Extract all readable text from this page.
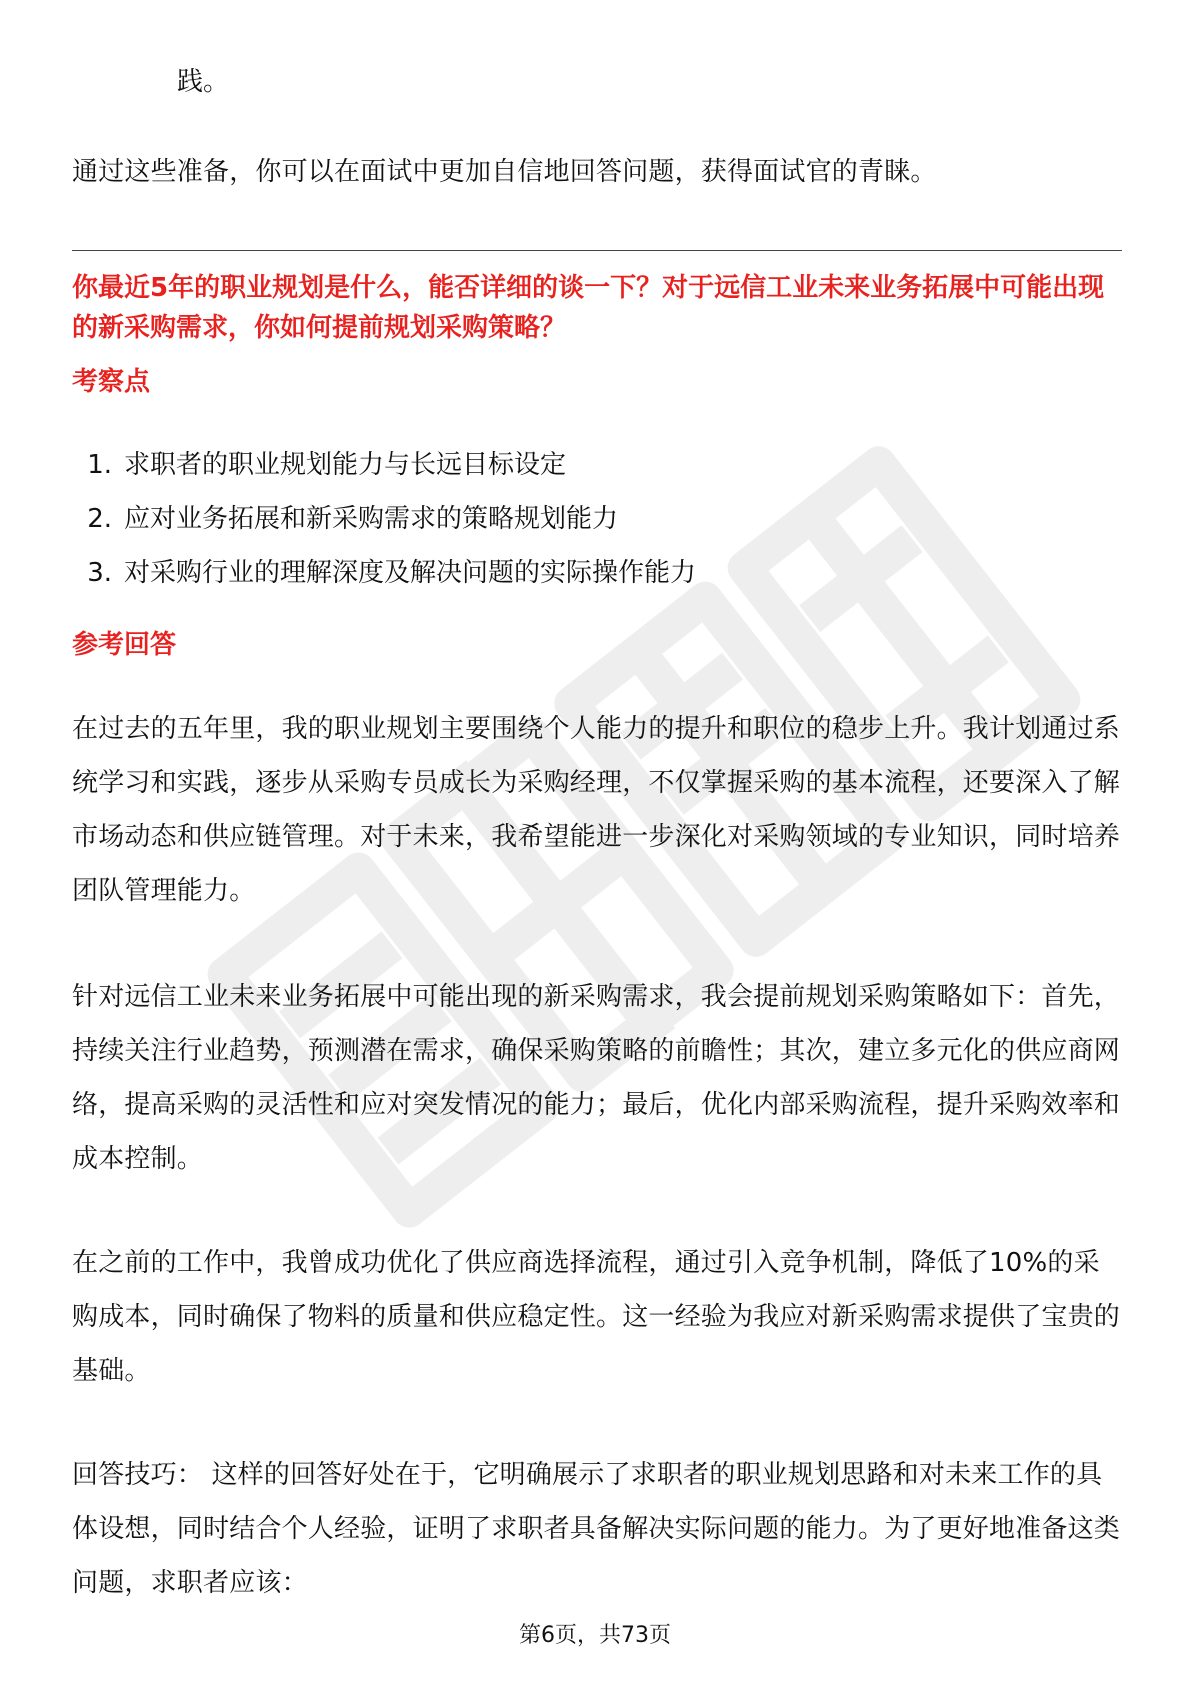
践。

通过这些准备，你可以在面试中更加自信地回答问题，获得面试官的青睐。

你最近5年的职业规划是什么，能否详细的谈一下？对于远信工业未来业务拓展中可能出现的新采购需求，你如何提前规划采购策略？

考察点

1. 求职者的职业规划能力与长远目标设定
2. 应对业务拓展和新采购需求的策略规划能力
3. 对采购行业的理解深度及解决问题的实际操作能力

参考回答

在过去的五年里，我的职业规划主要围绕个人能力的提升和职位的稳步上升。我计划通过系统学习和实践，逐步从采购专员成长为采购经理，不仅掌握采购的基本流程，还要深入了解市场动态和供应链管理。对于未来，我希望能进一步深化对采购领域的专业知识，同时培养团队管理能力。

针对远信工业未来业务拓展中可能出现的新采购需求，我会提前规划采购策略如下：首先，持续关注行业趋势，预测潜在需求，确保采购策略的前瞻性；其次，建立多元化的供应商网络，提高采购的灵活性和应对突发情况的能力；最后，优化内部采购流程，提升采购效率和成本控制。

在之前的工作中，我曾成功优化了供应商选择流程，通过引入竞争机制，降低了10%的采购成本，同时确保了物料的质量和供应稳定性。这一经验为我应对新采购需求提供了宝贵的基础。

回答技巧： 这样的回答好处在于，它明确展示了求职者的职业规划思路和对未来工作的具体设想，同时结合个人经验，证明了求职者具备解决实际问题的能力。为了更好地准备这类问题，求职者应该：

第6页，共73页
